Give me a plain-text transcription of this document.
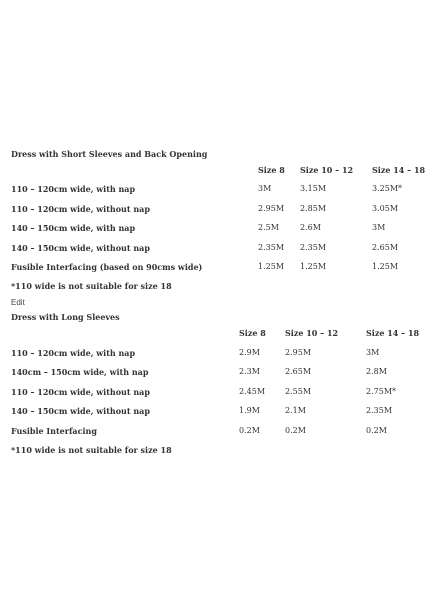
Dress with Short Sleeves and Back Opening
Size 8 Size 10 – 12 Size 14 – 18
110 – 120cm wide, with nap	3M	3.15M	3.25M*
110 – 120cm wide, without nap	2.95M 2.85M	3.05M
140 – 150cm wide, with nap	2.5M	2.6M	3M
140 – 150cm wide, without nap	2.35M 2.35M	2.65M
Fusible Interfacing (based on 90cms wide)	1.25M 1.25M	1.25M
*110 wide is not suitable for size 18
Edit
Dress with Long Sleeves
Size 8 Size 10 – 12	Size 14 – 18
110 – 120cm wide, with nap	2.9M	2.95M	3M
140cm – 150cm wide, with nap	2.3M	2.65M	2.8M
110 – 120cm wide, without nap	2.45M 2.55M	2.75M*
140 – 150cm wide, without nap	1.9M	2.1M	2.35M
Fusible Interfacing	0.2M	0.2M	0.2M
*110 wide is not suitable for size 18
